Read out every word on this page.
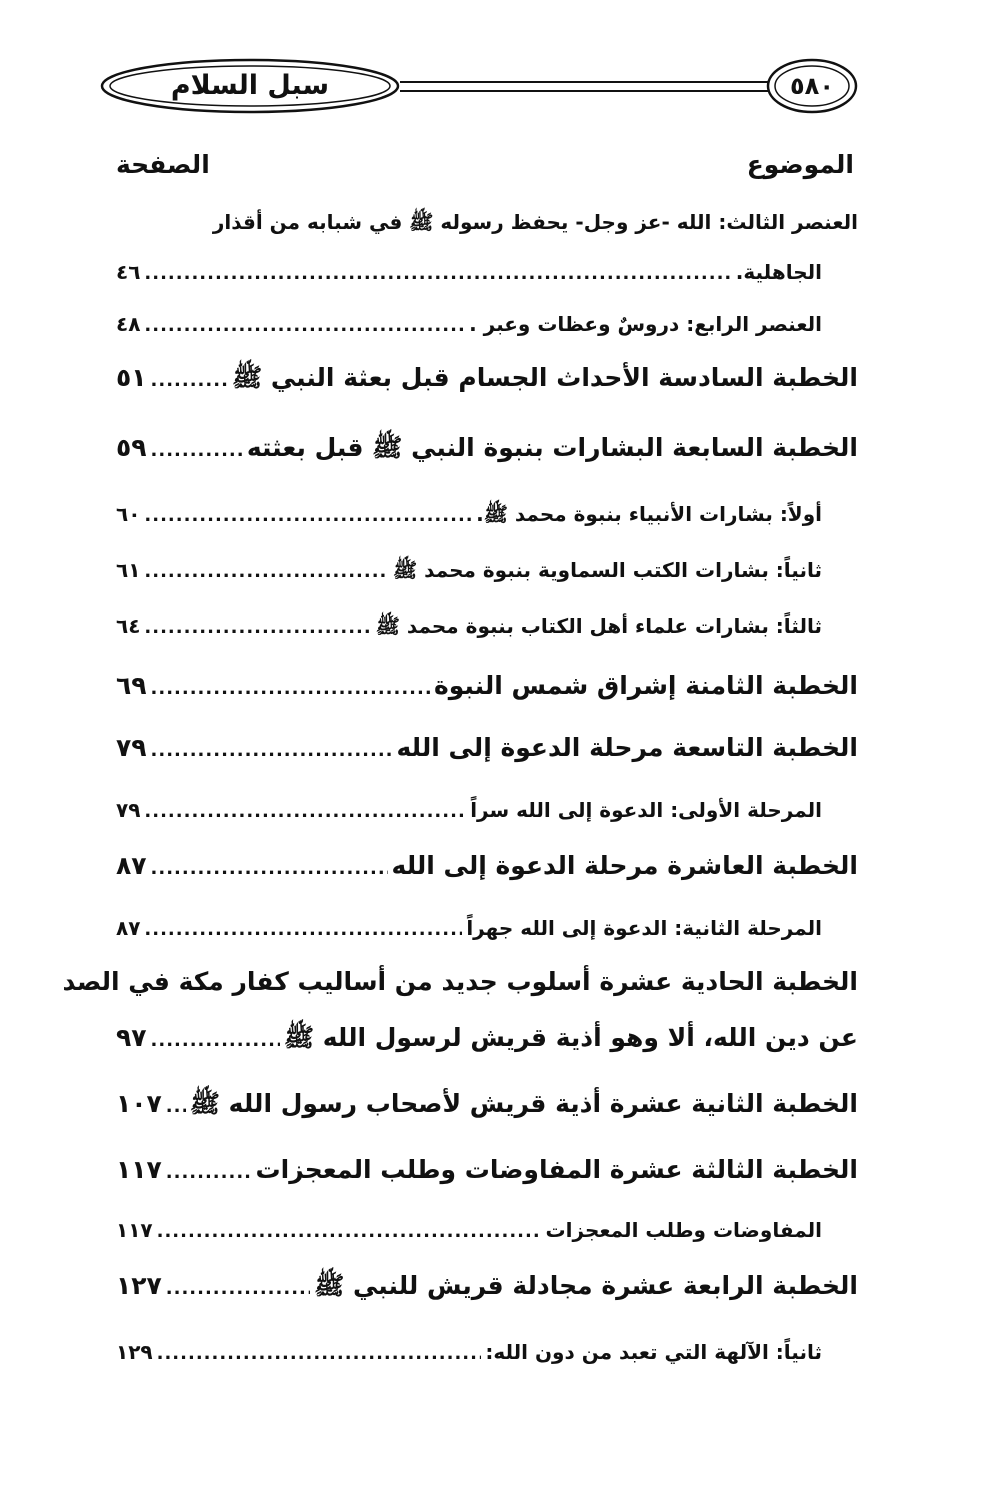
سبل السلام	٥٨٠
الموضوع
الصفحة
العنصر الثالث: الله -عز وجل- يحفظ رسوله ﷺ في شبابه من أقذار
الجاهلية.
.....
٤٦
العنصر الرابع: دروسٌ وعظات وعبر .
.....
٤٨
الخطبة السادسة الأحداث الجسام قبل بعثة النبي ﷺ
.....
٥١
الخطبة السابعة البشارات بنبوة النبي ﷺ قبل بعثته
.....
٥٩
أولاً: بشارات الأنبياء بنبوة محمد ﷺ.
.....
٦٠
ثانياً: بشارات الكتب السماوية بنبوة محمد ﷺ
.....
٦١
ثالثاً: بشارات علماء أهل الكتاب بنبوة محمد ﷺ
.....
٦٤
الخطبة الثامنة إشراق شمس النبوة
.....
٦٩
الخطبة التاسعة مرحلة الدعوة إلى الله
.....
٧٩
المرحلة الأولى: الدعوة إلى الله سراً
.....
٧٩
الخطبة العاشرة مرحلة الدعوة إلى الله
.....
٨٧
المرحلة الثانية: الدعوة إلى الله جهراً
.....
٨٧
الخطبة الحادية عشرة أسلوب جديد من أساليب كفار مكة في الصد
عن دين الله، ألا وهو أذية قريش لرسول الله ﷺ
.....
٩٧
الخطبة الثانية عشرة أذية قريش لأصحاب رسول الله ﷺ
.....
١٠٧
الخطبة الثالثة عشرة المفاوضات وطلب المعجزات
.....
١١٧
المفاوضات وطلب المعجزات
.....
١١٧
الخطبة الرابعة عشرة مجادلة قريش للنبي ﷺ
.....
١٢٧
ثانياً: الآلهة التي تعبد من دون الله:
.....
١٢٩
